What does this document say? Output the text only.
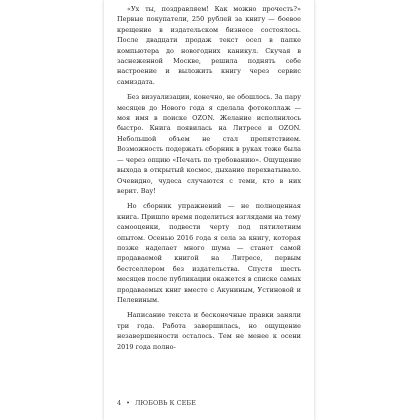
«Ух ты, поздравляем! Как можно прочесть?» Первые покупатели, 250 рублей за книгу — боевое крещение в издательском бизнесе состоялось. После двадцати продаж текст осел в папке компьютера до новогодних каникул. Скучая в заснеженной Москве, решила поднять себе настроение и выложить книгу через сервис самиздата.

Без визуализации, конечно, не обошлось. За пару месяцев до Нового года я сделала фотоколлаж — моя имя в поиске OZON. Желание исполнилось быстро. Книга появилась на Литресе и OZON. Небольшой объем не стал препятствием. Возможность подержать сборник в руках тоже была — через опцию «Печать по требованию». Ощущение выхода в открытый космос, дыхание перехватывало. Очевидно, чудеса случаются с теми, кто в них верит. Вау!

Но сборник упражнений — не полноценная книга. Пришло время поделиться взглядами на тему самооценки, подвести черту под пятилетним опытом. Осенью 2016 года я села за книгу, которая позже наделает много шума — станет самой продаваемой книгой на Литресе, первым бестселлером без издательства. Спустя шесть месяцев после публикации окажется в списке самых продаваемых книг вместе с Акуниным, Устиновой и Пелевиным.

Написание текста и бесконечные правки заняли три года. Работа завершилась, но ощущение незавершенности осталось. Тем не менее к осени 2019 года полно-

4 • ЛЮБОВЬ К СЕБЕ
